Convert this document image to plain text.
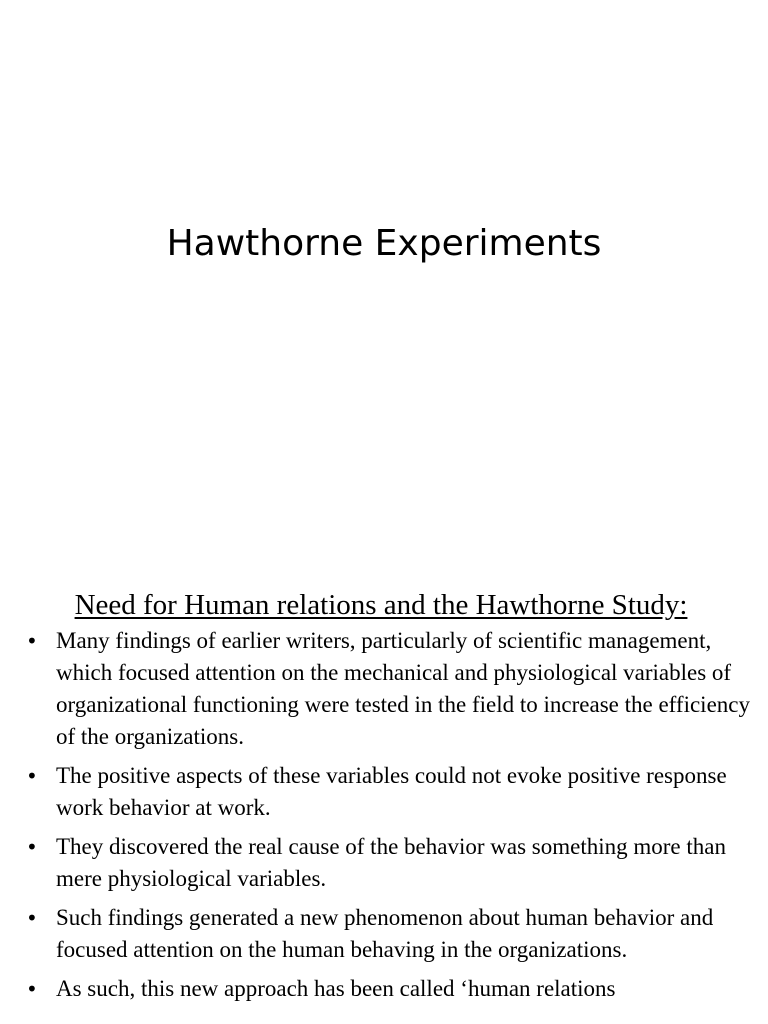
Hawthorne Experiments
Need for Human relations and the Hawthorne Study:
• Many findings of earlier writers, particularly of scientific management, which focused attention on the mechanical and physiological variables of organizational functioning were tested in the field to increase the efficiency of the organizations.
• The positive aspects of these variables could not evoke positive response work behavior at work.
• They discovered the real cause of the behavior was something more than mere physiological variables.
• Such findings generated a new phenomenon about human behavior and focused attention on the human behaving in the organizations.
• As such, this new approach has been called ‘human relations
